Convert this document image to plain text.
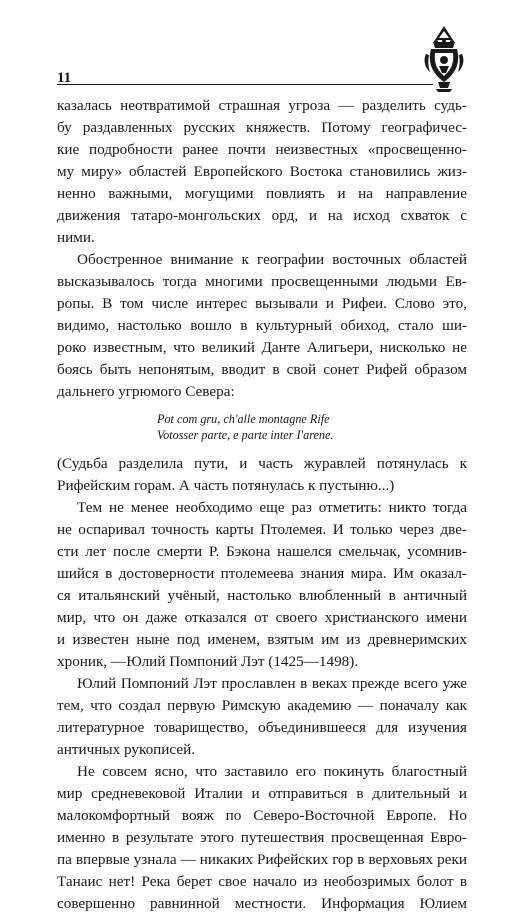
11

казалась неотвратимой страшная угроза — разделить судь-
бу раздавленных русских княжеств. Потому географичес-
кие подробности ранее почти неизвестных «просвещенно-
му миру» областей Европейского Востока становились жиз-
ненно важными, могущими повлиять и на направление
движения татаро-монгольских орд, и на исход схваток с
ними.

Обостренное внимание к географии восточных областей
высказывалось тогда многими просвещенными людьми Ев-
ропы. В том числе интерес вызывали и Рифеи. Слово это,
видимо, настолько вошло в культурный обиход, стало ши-
роко известным, что великий Данте Алигьери, нисколько не
боясь быть непонятым, вводит в свой сонет Рифей образом
дальнего угрюмого Севера:

Pot com gru, ch'alle montagne Rife
Votosser parte, e parte inter I'arene.

(Судьба разделила пути, и часть журавлей потянулась к
Рифейским горам. А часть потянулась к пустыню...)

Тем не менее необходимо еще раз отметить: никто тогда
не оспаривал точность карты Птолемея. И только через две-
сти лет после смерти Р. Бэкона нашелся смельчак, усомнив-
шийся в достоверности птолемеева знания мира. Им оказал-
ся итальянский учёный, настолько влюбленный в античный
мир, что он даже отказался от своего христианского имени
и известен ныне под именем, взятым им из древнеримских
хроник, —Юлий Помпоний Лэт (1425—1498).

Юлий Помпоний Лэт прославлен в веках прежде всего уже
тем, что создал первую Римскую академию — поначалу как
литературное товарищество, объединившееся для изучения
античных рукописей.

Не совсем ясно, что заставило его покинуть благостный
мир средневековой Италии и отправиться в длительный и
малокомфортный вояж по Северо-Восточной Европе. Но
именно в результате этого путешествия просвещенная Евро-
па впервые узнала — никаких Рифейских гор в верховьях реки
Танаис нет! Река берет свое начало из необозримых болот в
совершенно равнинной местности. Информация Юлием
